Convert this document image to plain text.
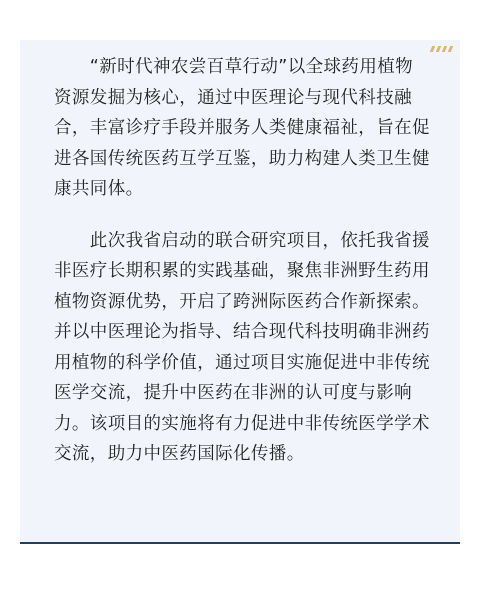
　　“新时代神农尝百草行动”以全球药用植物
资源发掘为核心，通过中医理论与现代科技融
合，丰富诊疗手段并服务人类健康福祉，旨在促
进各国传统医药互学互鉴，助力构建人类卫生健
康共同体。

　　此次我省启动的联合研究项目，依托我省援
非医疗长期积累的实践基础，聚焦非洲野生药用
植物资源优势，开启了跨洲际医药合作新探索。
并以中医理论为指导、结合现代科技明确非洲药
用植物的科学价值，通过项目实施促进中非传统
医学交流，提升中医药在非洲的认可度与影响
力。该项目的实施将有力促进中非传统医学学术
交流，助力中医药国际化传播。
